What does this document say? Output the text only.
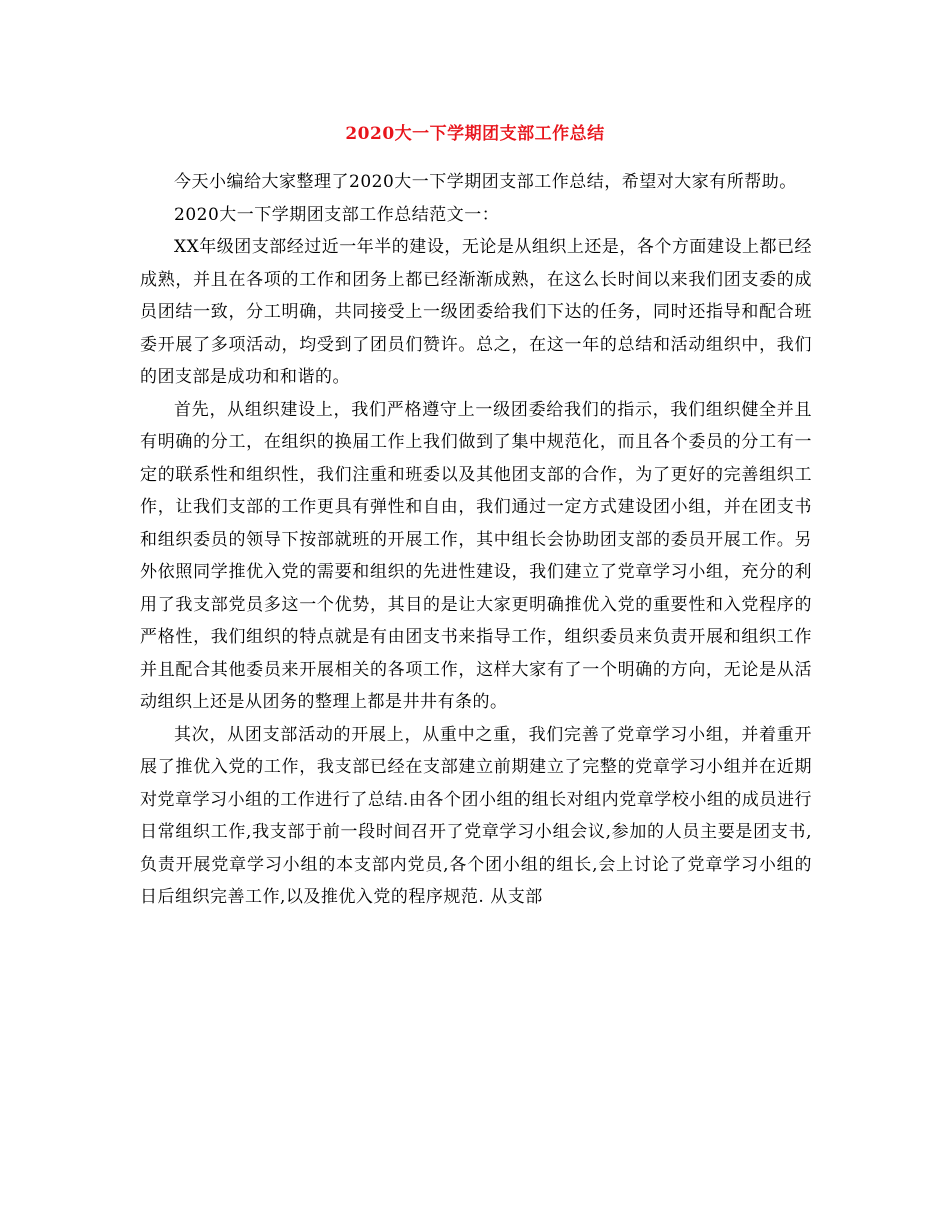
2020大一下学期团支部工作总结

今天小编给大家整理了2020大一下学期团支部工作总结，希望对大家有所帮助。

2020大一下学期团支部工作总结范文一：

XX年级团支部经过近一年半的建设，无论是从组织上还是，各个方面建设上都已经成熟，并且在各项的工作和团务上都已经渐渐成熟，在这么长时间以来我们团支委的成员团结一致，分工明确，共同接受上一级团委给我们下达的任务，同时还指导和配合班委开展了多项活动，均受到了团员们赞许。总之，在这一年的总结和活动组织中，我们的团支部是成功和和谐的。

首先，从组织建设上，我们严格遵守上一级团委给我们的指示，我们组织健全并且有明确的分工，在组织的换届工作上我们做到了集中规范化，而且各个委员的分工有一定的联系性和组织性，我们注重和班委以及其他团支部的合作，为了更好的完善组织工作，让我们支部的工作更具有弹性和自由，我们通过一定方式建设团小组，并在团支书和组织委员的领导下按部就班的开展工作，其中组长会协助团支部的委员开展工作。另外依照同学推优入党的需要和组织的先进性建设，我们建立了党章学习小组，充分的利用了我支部党员多这一个优势，其目的是让大家更明确推优入党的重要性和入党程序的严格性，我们组织的特点就是有由团支书来指导工作，组织委员来负责开展和组织工作并且配合其他委员来开展相关的各项工作，这样大家有了一个明确的方向，无论是从活动组织上还是从团务的整理上都是井井有条的。

其次，从团支部活动的开展上，从重中之重，我们完善了党章学习小组，并着重开展了推优入党的工作，我支部已经在支部建立前期建立了完整的党章学习小组并在近期对党章学习小组的工作进行了总结.由各个团小组的组长对组内党章学校小组的成员进行日常组织工作,我支部于前一段时间召开了党章学习小组会议,参加的人员主要是团支书,负责开展党章学习小组的本支部内党员,各个团小组的组长,会上讨论了党章学习小组的日后组织完善工作,以及推优入党的程序规范. 从支部
